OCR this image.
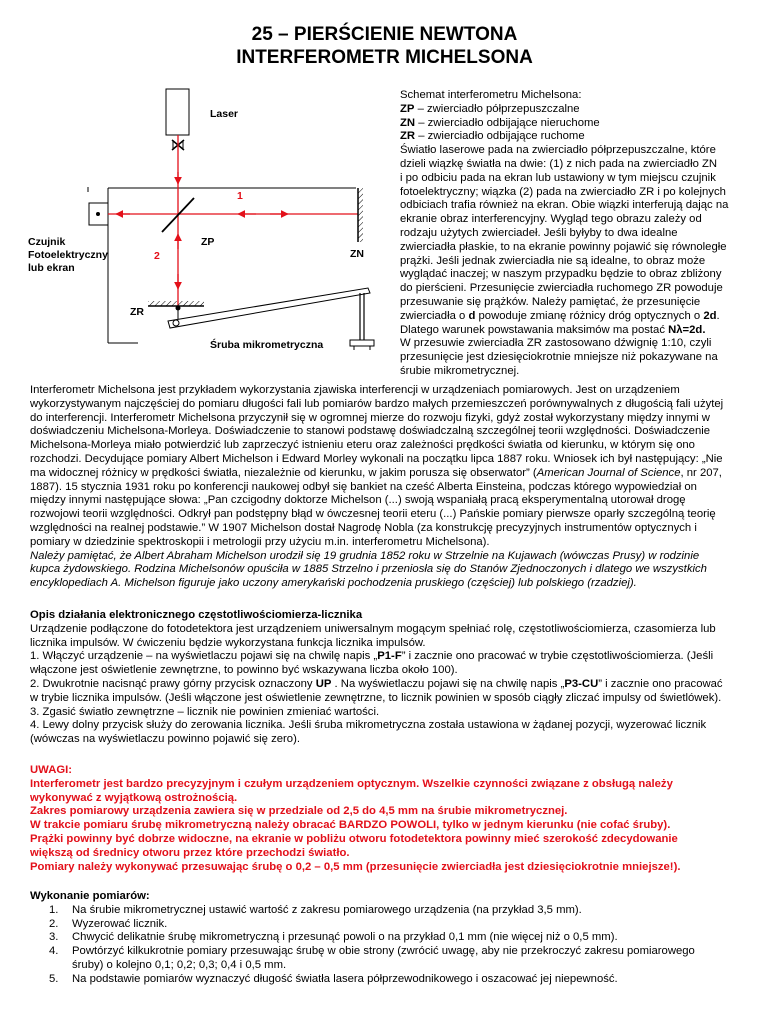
25 – PIERŚCIENIE NEWTONA
INTERFEROMETR MICHELSONA
Laser
Czujnik
Fotoelektryczny
lub ekran
ZP
ZN
ZR
1
2
Śruba mikrometryczna
Schemat interferometru Michelsona:
ZP – zwierciadło półprzepuszczalne
ZN – zwierciadło odbijające nieruchome
ZR – zwierciadło odbijające ruchome
Światło laserowe pada na zwierciadło półprzepuszczalne, które
dzieli wiązkę światła na dwie: (1) z nich pada na zwierciadło ZN
i po odbiciu pada na ekran lub ustawiony w tym miejscu czujnik
fotoelektryczny; wiązka (2) pada na zwierciadło ZR i po kolejnych
odbiciach trafia również na ekran. Obie wiązki interferują dając na
ekranie obraz interferencyjny. Wygląd tego obrazu zależy od
rodzaju użytych zwierciadeł. Jeśli byłyby to dwa idealne
zwierciadła płaskie, to na ekranie powinny pojawić się równoległe
prążki. Jeśli jednak zwierciadła nie są idealne, to obraz może
wyglądać inaczej; w naszym przypadku będzie to obraz zbliżony
do pierścieni. Przesunięcie zwierciadła ruchomego ZR powoduje
przesuwanie się prążków. Należy pamiętać, że przesunięcie
zwierciadła o d powoduje zmianę różnicy dróg optycznych o 2d.
Dlatego warunek powstawania maksimów ma postać Nλ=2d.
W przesuwie zwierciadła ZR zastosowano dźwignię 1:10, czyli
przesunięcie jest dziesięciokrotnie mniejsze niż pokazywane na
śrubie mikrometrycznej.
Interferometr Michelsona jest przykładem wykorzystania zjawiska interferencji w urządzeniach pomiarowych. Jest on urządzeniem
wykorzystywanym najczęściej do pomiaru długości fali lub pomiarów bardzo małych przemieszczeń porównywalnych z długością fali użytej
do interferencji. Interferometr Michelsona przyczynił się w ogromnej mierze do rozwoju fizyki, gdyż został wykorzystany między innymi w
doświadczeniu Michelsona-Morleya. Doświadczenie to stanowi podstawę doświadczalną szczególnej teorii względności. Doświadczenie
Michelsona-Morleya miało potwierdzić lub zaprzeczyć istnieniu eteru oraz zależności prędkości światła od kierunku, w którym się ono
rozchodzi. Decydujące pomiary Albert Michelson i Edward Morley wykonali na początku lipca 1887 roku. Wniosek ich był następujący: „Nie
ma widocznej różnicy w prędkości światła, niezależnie od kierunku, w jakim porusza się obserwator” (American Journal of Science, nr 207,
1887). 15 stycznia 1931 roku po konferencji naukowej odbył się bankiet na cześć Alberta Einsteina, podczas którego wypowiedział on
między innymi następujące słowa: „Pan czcigodny doktorze Michelson (...) swoją wspaniałą pracą eksperymentalną utorował drogę
rozwojowi teorii względności. Odkrył pan podstępny błąd w ówczesnej teorii eteru (...) Pańskie pomiary pierwsze oparły szczególną teorię
względności na realnej podstawie.” W 1907 Michelson dostał Nagrodę Nobla (za konstrukcję precyzyjnych instrumentów optycznych i
pomiary w dziedzinie spektroskopii i metrologii przy użyciu m.in. interferometru Michelsona).
Należy pamiętać, że Albert Abraham Michelson urodził się 19 grudnia 1852 roku w Strzelnie na Kujawach (wówczas Prusy) w rodzinie
kupca żydowskiego. Rodzina Michelsonów opuściła w 1885 Strzelno i przeniosła się do Stanów Zjednoczonych i dlatego we wszystkich
encyklopediach A. Michelson figuruje jako uczony amerykański pochodzenia pruskiego (częściej) lub polskiego (rzadziej).
Opis działania elektronicznego częstotliwościomierza-licznika
Urządzenie podłączone do fotodetektora jest urządzeniem uniwersalnym mogącym spełniać rolę, częstotliwościomierza, czasomierza lub
licznika impulsów. W ćwiczeniu będzie wykorzystana funkcja licznika impulsów.
1. Włączyć urządzenie – na wyświetlaczu pojawi się na chwilę napis „P1-F” i zacznie ono pracować w trybie częstotliwościomierza. (Jeśli
włączone jest oświetlenie zewnętrzne, to powinno być wskazywana liczba około 100).
2. Dwukrotnie nacisnąć prawy górny przycisk oznaczony UP . Na wyświetlaczu pojawi się na chwilę napis „P3-CU” i zacznie ono pracować
w trybie licznika impulsów. (Jeśli włączone jest oświetlenie zewnętrzne, to licznik powinien w sposób ciągły zliczać impulsy od świetlówek).
3. Zgasić światło zewnętrzne – licznik nie powinien zmieniać wartości.
4. Lewy dolny przycisk służy do zerowania licznika. Jeśli śruba mikrometryczna została ustawiona w żądanej pozycji, wyzerować licznik
(wówczas na wyświetlaczu powinno pojawić się zero).
UWAGI:
Interferometr jest bardzo precyzyjnym i czułym urządzeniem optycznym. Wszelkie czynności związane z obsługą należy
wykonywać z wyjątkową ostrożnością.
Zakres pomiarowy urządzenia zawiera się w przedziale od 2,5 do 4,5 mm na śrubie mikrometrycznej.
W trakcie pomiaru śrubę mikrometryczną należy obracać BARDZO POWOLI, tylko w jednym kierunku (nie cofać śruby).
Prążki powinny być dobrze widoczne, na ekranie w pobliżu otworu fotodetektora powinny mieć szerokość zdecydowanie
większą od średnicy otworu przez które przechodzi światło.
Pomiary należy wykonywać przesuwając śrubę o 0,2 – 0,5 mm (przesunięcie zwierciadła jest dziesięciokrotnie mniejsze!).
Wykonanie pomiarów:
1. Na śrubie mikrometrycznej ustawić wartość z zakresu pomiarowego urządzenia (na przykład 3,5 mm).
2. Wyzerować licznik.
3. Chwycić delikatnie śrubę mikrometryczną i przesunąć powoli o na przykład 0,1 mm (nie więcej niż o 0,5 mm).
4. Powtórzyć kilkukrotnie pomiary przesuwając śrubę w obie strony (zwrócić uwagę, aby nie przekroczyć zakresu pomiarowego
śruby) o kolejno 0,1; 0,2; 0,3; 0,4 i 0,5 mm.
5. Na podstawie pomiarów wyznaczyć długość światła lasera półprzewodnikowego i oszacować jej niepewność.
